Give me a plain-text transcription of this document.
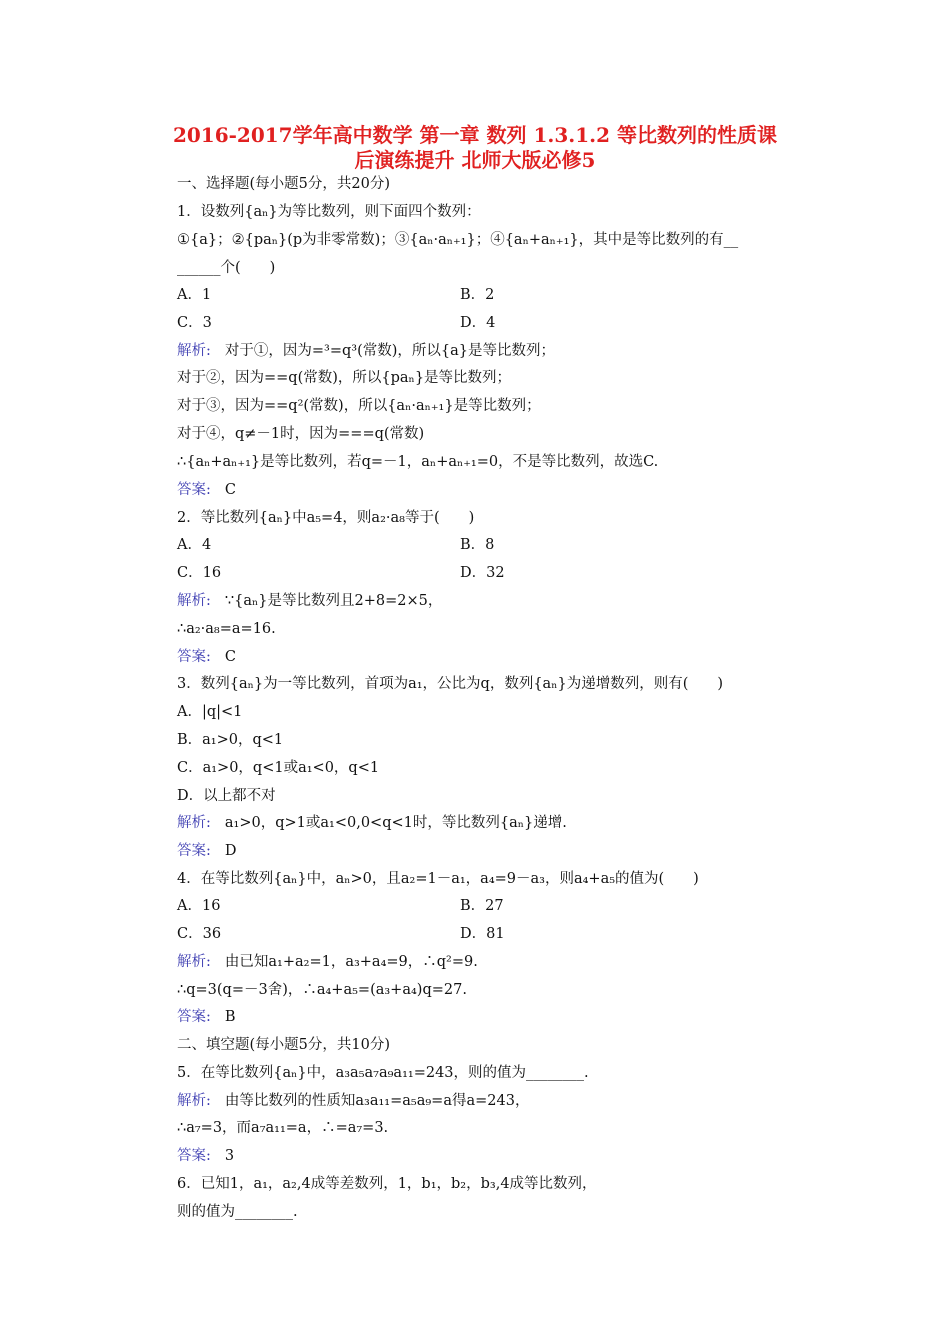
2016-2017学年高中数学 第一章 数列 1.3.1.2 等比数列的性质课
后演练提升 北师大版必修5
一、选择题(每小题5分，共20分)
1．设数列{aₙ}为等比数列，则下面四个数列：
①{a}；②{paₙ}(p为非零常数)；③{aₙ·aₙ₊₁}；④{aₙ+aₙ₊₁}，其中是等比数列的有__
______个(　　)
A．1	B．2
C．3	D．4
解析: 对于①，因为=³=q³(常数)，所以{a}是等比数列；
对于②，因为==q(常数)，所以{paₙ}是等比数列；
对于③，因为==q²(常数)，所以{aₙ·aₙ₊₁}是等比数列；
对于④，q≠－1时，因为===q(常数)
∴{aₙ+aₙ₊₁}是等比数列，若q=－1，aₙ+aₙ₊₁=0，不是等比数列，故选C.
答案: C
2．等比数列{aₙ}中a₅=4，则a₂·a₈等于(　　)
A．4	B．8
C．16	D．32
解析: ∵{aₙ}是等比数列且2+8=2×5，
∴a₂·a₈=a=16.
答案: C
3．数列{aₙ}为一等比数列，首项为a₁，公比为q，数列{aₙ}为递增数列，则有(　　)
A．|q|<1
B．a₁>0，q<1
C．a₁>0，q<1或a₁<0，q<1
D．以上都不对
解析: a₁>0，q>1或a₁<0,0<q<1时，等比数列{aₙ}递增.
答案: D
4．在等比数列{aₙ}中，aₙ>0，且a₂=1－a₁，a₄=9－a₃，则a₄+a₅的值为(　　)
A．16	B．27
C．36	D．81
解析: 由已知a₁+a₂=1，a₃+a₄=9，∴q²=9.
∴q=3(q=－3舍)，∴a₄+a₅=(a₃+a₄)q=27.
答案: B
二、填空题(每小题5分，共10分)
5．在等比数列{aₙ}中，a₃a₅a₇a₉a₁₁=243，则的值为________.
解析: 由等比数列的性质知a₃a₁₁=a₅a₉=a得a=243，
∴a₇=3，而a₇a₁₁=a，∴=a₇=3.
答案: 3
6．已知1，a₁，a₂,4成等差数列，1，b₁，b₂，b₃,4成等比数列，
则的值为________.
